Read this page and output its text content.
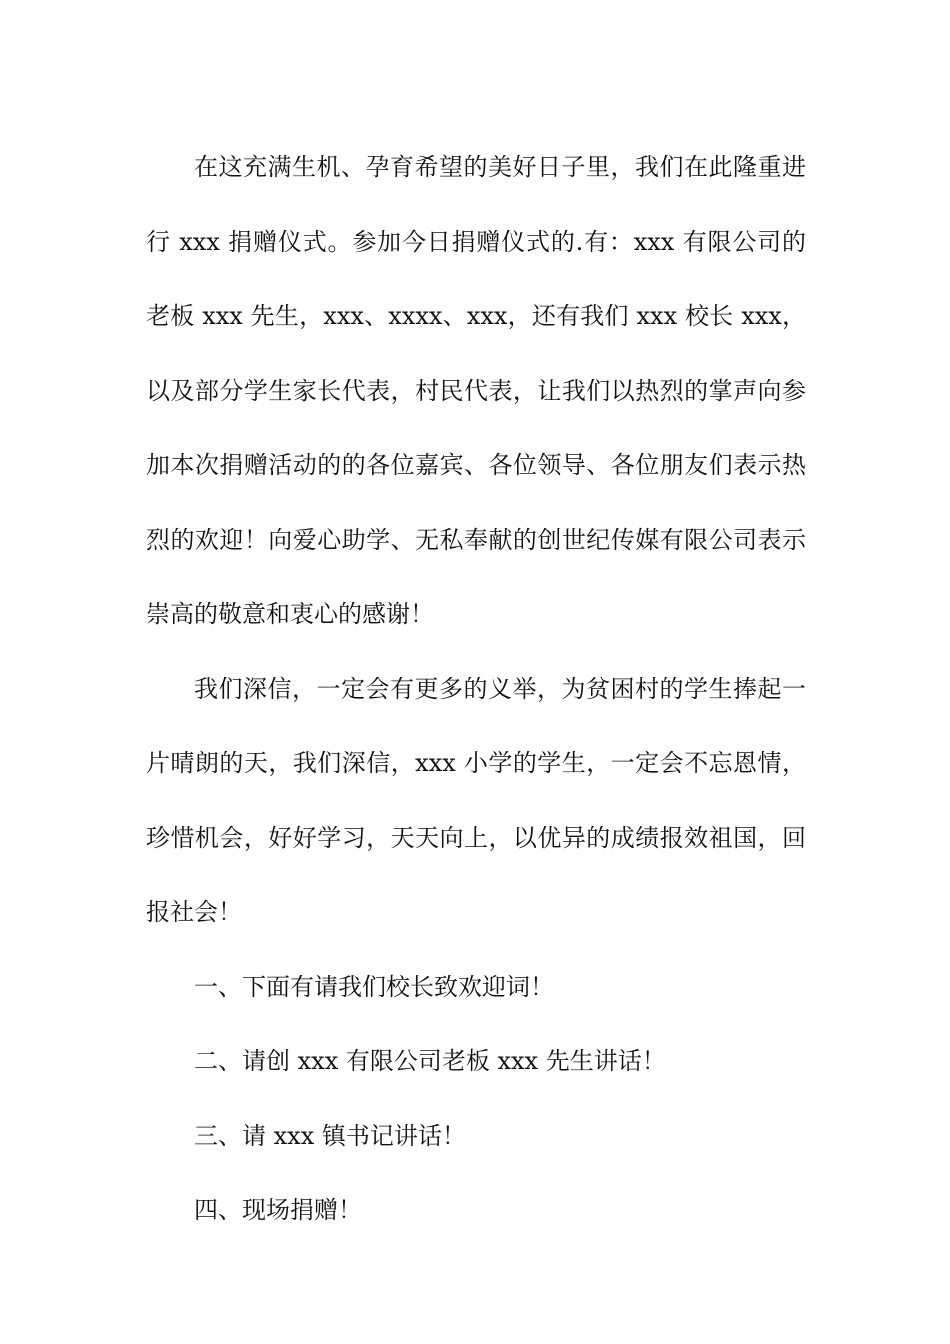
在这充满生机、孕育希望的美好日子里，我们在此隆重进行 xxx 捐赠仪式。参加今日捐赠仪式的.有：xxx 有限公司的老板 xxx 先生，xxx、xxxx、xxx，还有我们 xxx 校长 xxx，以及部分学生家长代表，村民代表，让我们以热烈的掌声向参加本次捐赠活动的的各位嘉宾、各位领导、各位朋友们表示热烈的欢迎！向爱心助学、无私奉献的创世纪传媒有限公司表示崇高的敬意和衷心的感谢！

我们深信，一定会有更多的义举，为贫困村的学生捧起一片晴朗的天，我们深信，xxx 小学的学生，一定会不忘恩情，珍惜机会，好好学习，天天向上，以优异的成绩报效祖国，回报社会！

一、下面有请我们校长致欢迎词！

二、请创 xxx 有限公司老板 xxx 先生讲话！

三、请 xxx 镇书记讲话！

四、现场捐赠！
